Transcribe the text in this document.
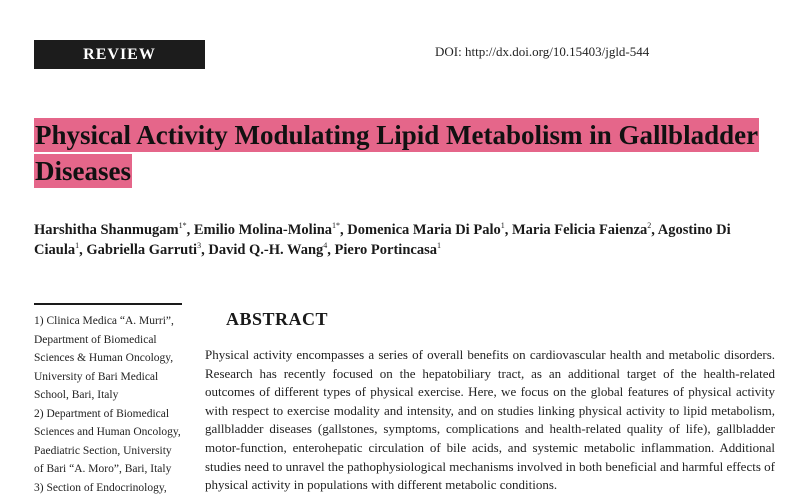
REVIEW	DOI: http://dx.doi.org/10.15403/jgld-544
Physical Activity Modulating Lipid Metabolism in Gallbladder Diseases
Harshitha Shanmugam$^{1*}$, Emilio Molina-Molina$^{1*}$, Domenica Maria Di Palo$^1$, Maria Felicia Faienza$^2$, Agostino Di Ciaula$^1$, Gabriella Garruti$^3$, David Q.-H. Wang$^4$, Piero Portincasa$^1$

1) Clinica Medica “A. Murri”, Department of Biomedical Sciences & Human Oncology, University of Bari Medical School, Bari, Italy

2) Department of Biomedical Sciences and Human Oncology, Paediatric Section, University of Bari “A. Moro”, Bari, Italy

3) Section of Endocrinology,

ABSTRACT

Physical activity encompasses a series of overall benefits on cardiovascular health and metabolic disorders. Research has recently focused on the hepatobiliary tract, as an additional target of the health-related outcomes of different types of physical exercise. Here, we focus on the global features of physical activity with respect to exercise modality and intensity, and on studies linking physical activity to lipid metabolism, gallbladder diseases (gallstones, symptoms, complications and health-related quality of life), gallbladder motor-function, enterohepatic circulation of bile acids, and systemic metabolic inflammation. Additional studies need to unravel the pathophysiological mechanisms involved in both beneficial and harmful effects of physical activity in populations with different metabolic conditions.
